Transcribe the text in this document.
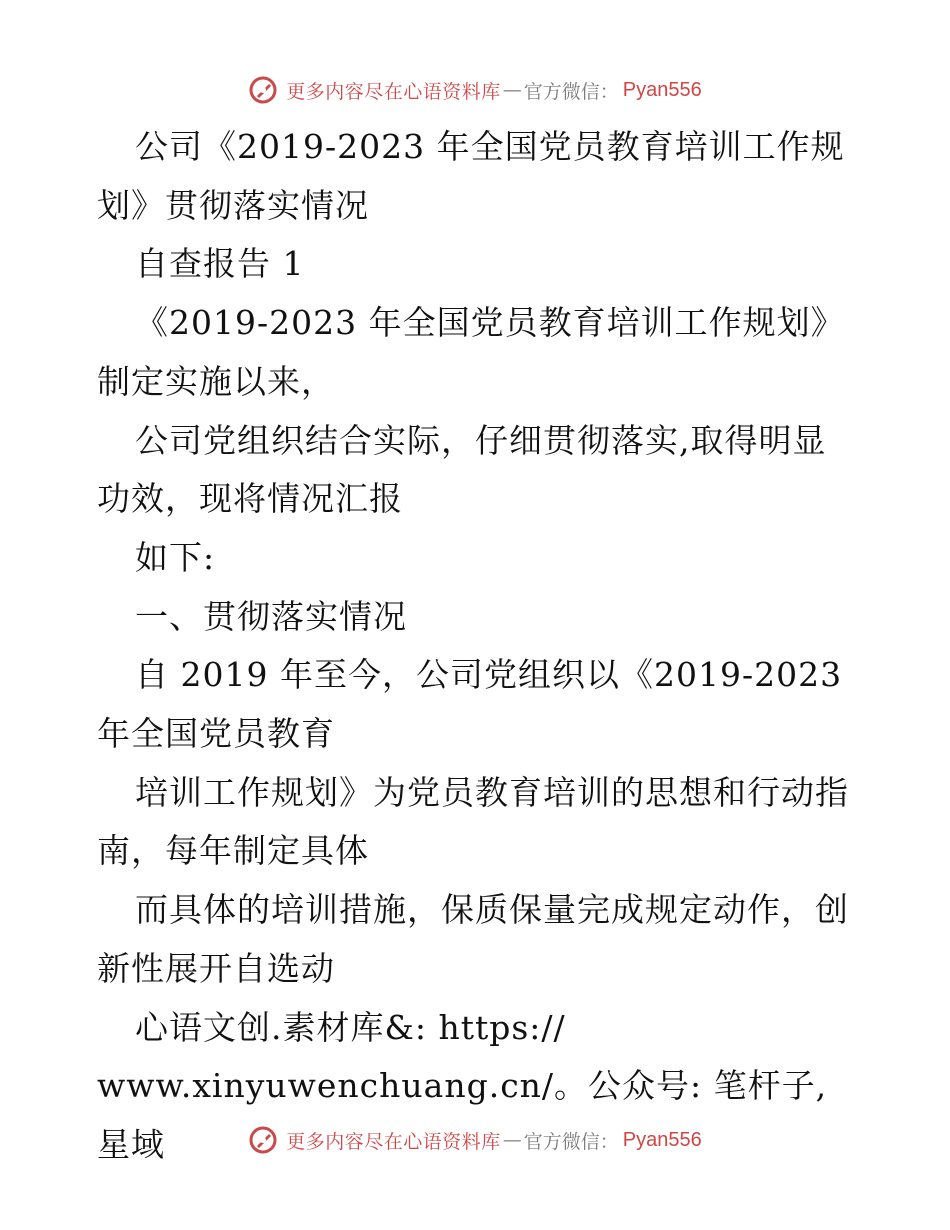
更多内容尽在心语资料库 — 官方微信： Pyan556

公司《2019-2023 年全国党员教育培训工作规划》贯彻落实情况

自查报告 1

《2019-2023 年全国党员教育培训工作规划》制定实施以来，

公司党组织结合实际，仔细贯彻落实,取得明显功效，现将情况汇报

如下:

一、贯彻落实情况

自 2019 年至今，公司党组织以《2019-2023 年全国党员教育

培训工作规划》为党员教育培训的思想和行动指南，每年制定具体

而具体的培训措施，保质保量完成规定动作，创新性展开自选动

心语文创.素材库&: https://

www.xinyuwenchuang.cn/。公众号: 笔杆子,星域	更多内容尽在心语资料库 — 官方微信： Pyan556
